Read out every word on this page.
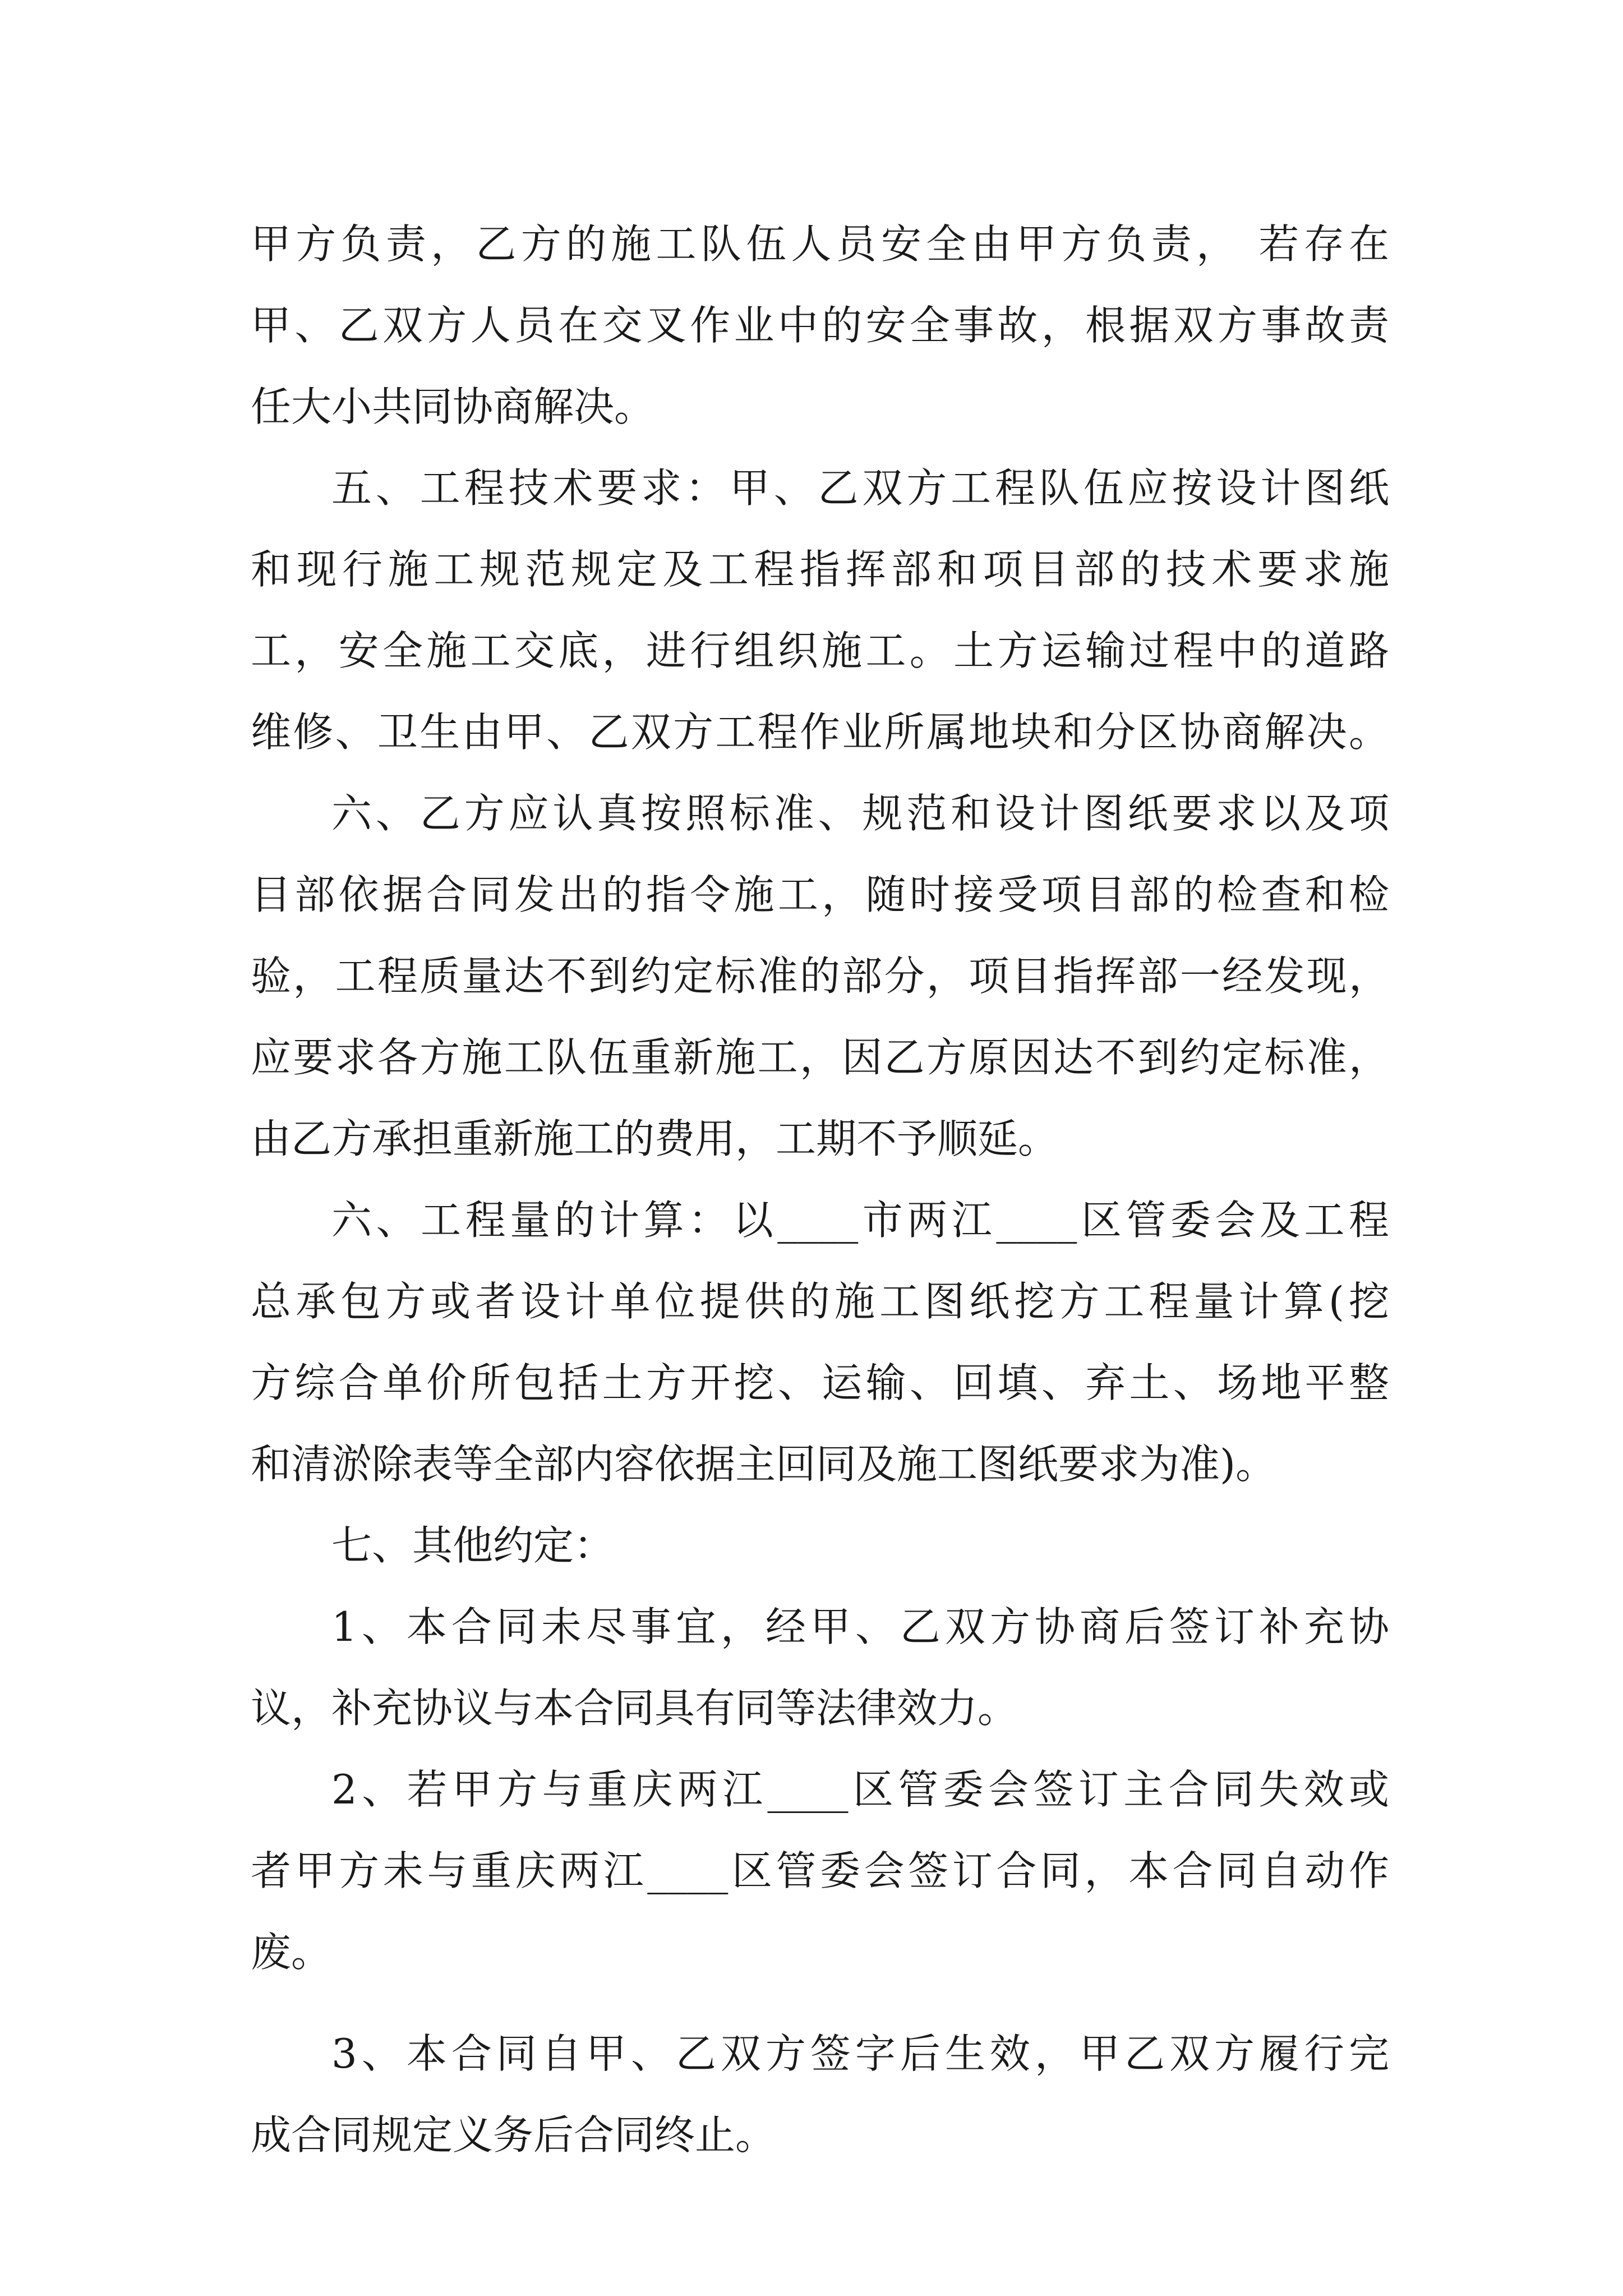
甲方负责，乙方的施工队伍人员安全由甲方负责， 若存在
甲、乙双方人员在交叉作业中的安全事故，根据双方事故责
任大小共同协商解决。
五、工程技术要求：甲、乙双方工程队伍应按设计图纸
和现行施工规范规定及工程指挥部和项目部的技术要求施
工，安全施工交底，进行组织施工。土方运输过程中的道路
维修、卫生由甲、乙双方工程作业所属地块和分区协商解决。
六、乙方应认真按照标准、规范和设计图纸要求以及项
目部依据合同发出的指令施工，随时接受项目部的检查和检
验，工程质量达不到约定标准的部分，项目指挥部一经发现，
应要求各方施工队伍重新施工，因乙方原因达不到约定标准，
由乙方承担重新施工的费用，工期不予顺延。
六、工程量的计算：以____市两江____区管委会及工程
总承包方或者设计单位提供的施工图纸挖方工程量计算(挖
方综合单价所包括土方开挖、运输、回填、弃土、场地平整
和清淤除表等全部内容依据主回同及施工图纸要求为准)。
七、其他约定：
1、本合同未尽事宜，经甲、乙双方协商后签订补充协
议，补充协议与本合同具有同等法律效力。
2、若甲方与重庆两江____区管委会签订主合同失效或
者甲方未与重庆两江____区管委会签订合同，本合同自动作
废。
3、本合同自甲、乙双方签字后生效，甲乙双方履行完
成合同规定义务后合同终止。
